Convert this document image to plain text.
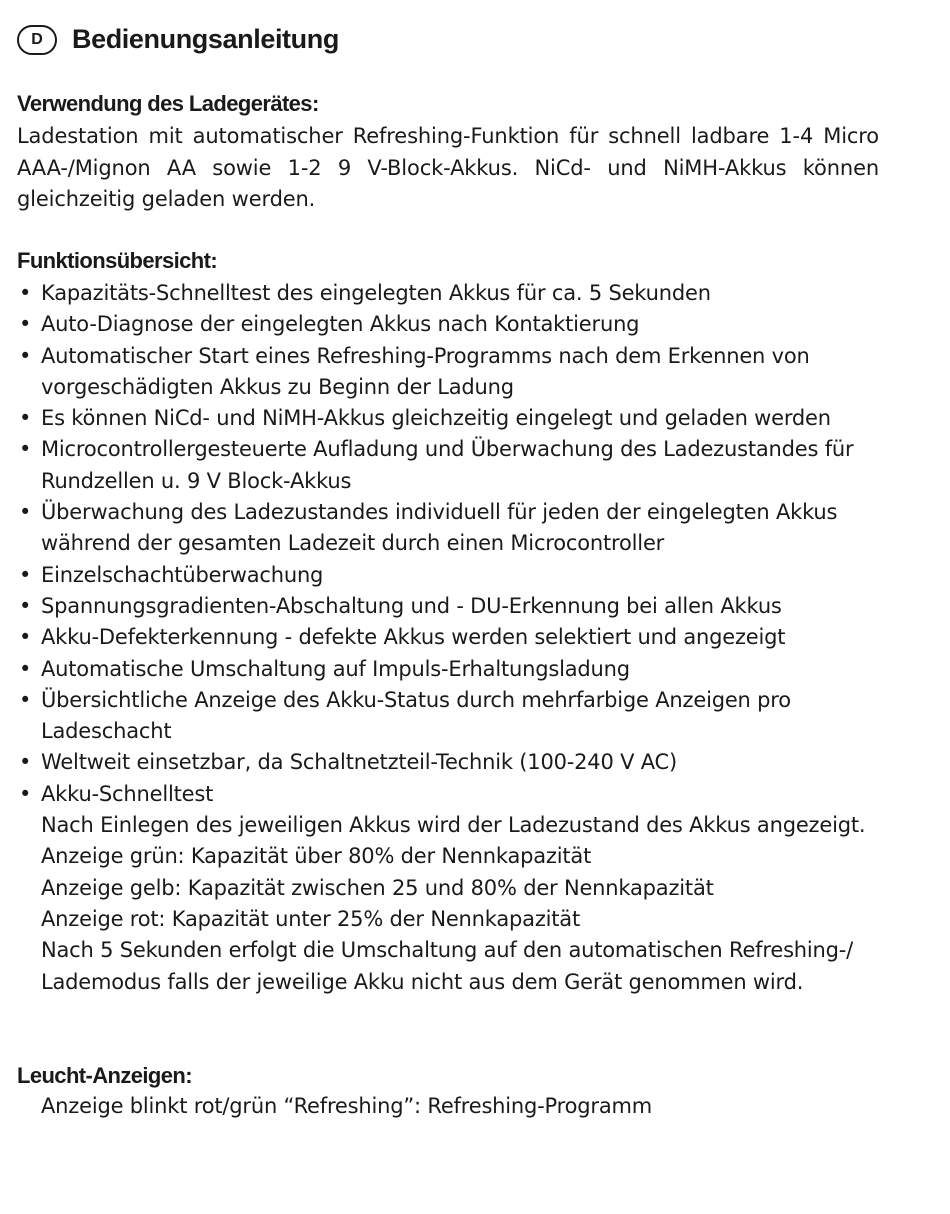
D	Bedienungsanleitung
Verwendung des Ladegerätes:
Ladestation mit automatischer Refreshing-Funktion für schnell ladbare 1-4 Micro AAA-/Mignon AA sowie 1-2 9 V-Block-Akkus. NiCd- und NiMH-Akkus können gleichzeitig geladen werden.
Funktionsübersicht:
• Kapazitäts-Schnelltest des eingelegten Akkus für ca. 5 Sekunden
• Auto-Diagnose der eingelegten Akkus nach Kontaktierung
• Automatischer Start eines Refreshing-Programms nach dem Erkennen von vorgeschädigten Akkus zu Beginn der Ladung
• Es können NiCd- und NiMH-Akkus gleichzeitig eingelegt und geladen werden
• Microcontrollergesteuerte Aufladung und Überwachung des Ladezustandes für Rundzellen u. 9 V Block-Akkus
• Überwachung des Ladezustandes individuell für jeden der eingelegten Akkus während der gesamten Ladezeit durch einen Microcontroller
• Einzelschachtüberwachung
• Spannungsgradienten-Abschaltung und - DU-Erkennung bei allen Akkus
• Akku-Defekterkennung - defekte Akkus werden selektiert und angezeigt
• Automatische Umschaltung auf Impuls-Erhaltungsladung
• Übersichtliche Anzeige des Akku-Status durch mehrfarbige Anzeigen pro Ladeschacht
• Weltweit einsetzbar, da Schaltnetzteil-Technik (100-240 V AC)
• Akku-Schnelltest
Nach Einlegen des jeweiligen Akkus wird der Ladezustand des Akkus angezeigt.
Anzeige grün: Kapazität über 80% der Nennkapazität
Anzeige gelb: Kapazität zwischen 25 und 80% der Nennkapazität
Anzeige rot: Kapazität unter 25% der Nennkapazität
Nach 5 Sekunden erfolgt die Umschaltung auf den automatischen Refreshing-/ Lademodus falls der jeweilige Akku nicht aus dem Gerät genommen wird.
Leucht-Anzeigen:
Anzeige blinkt rot/grün “Refreshing”: Refreshing-Programm
